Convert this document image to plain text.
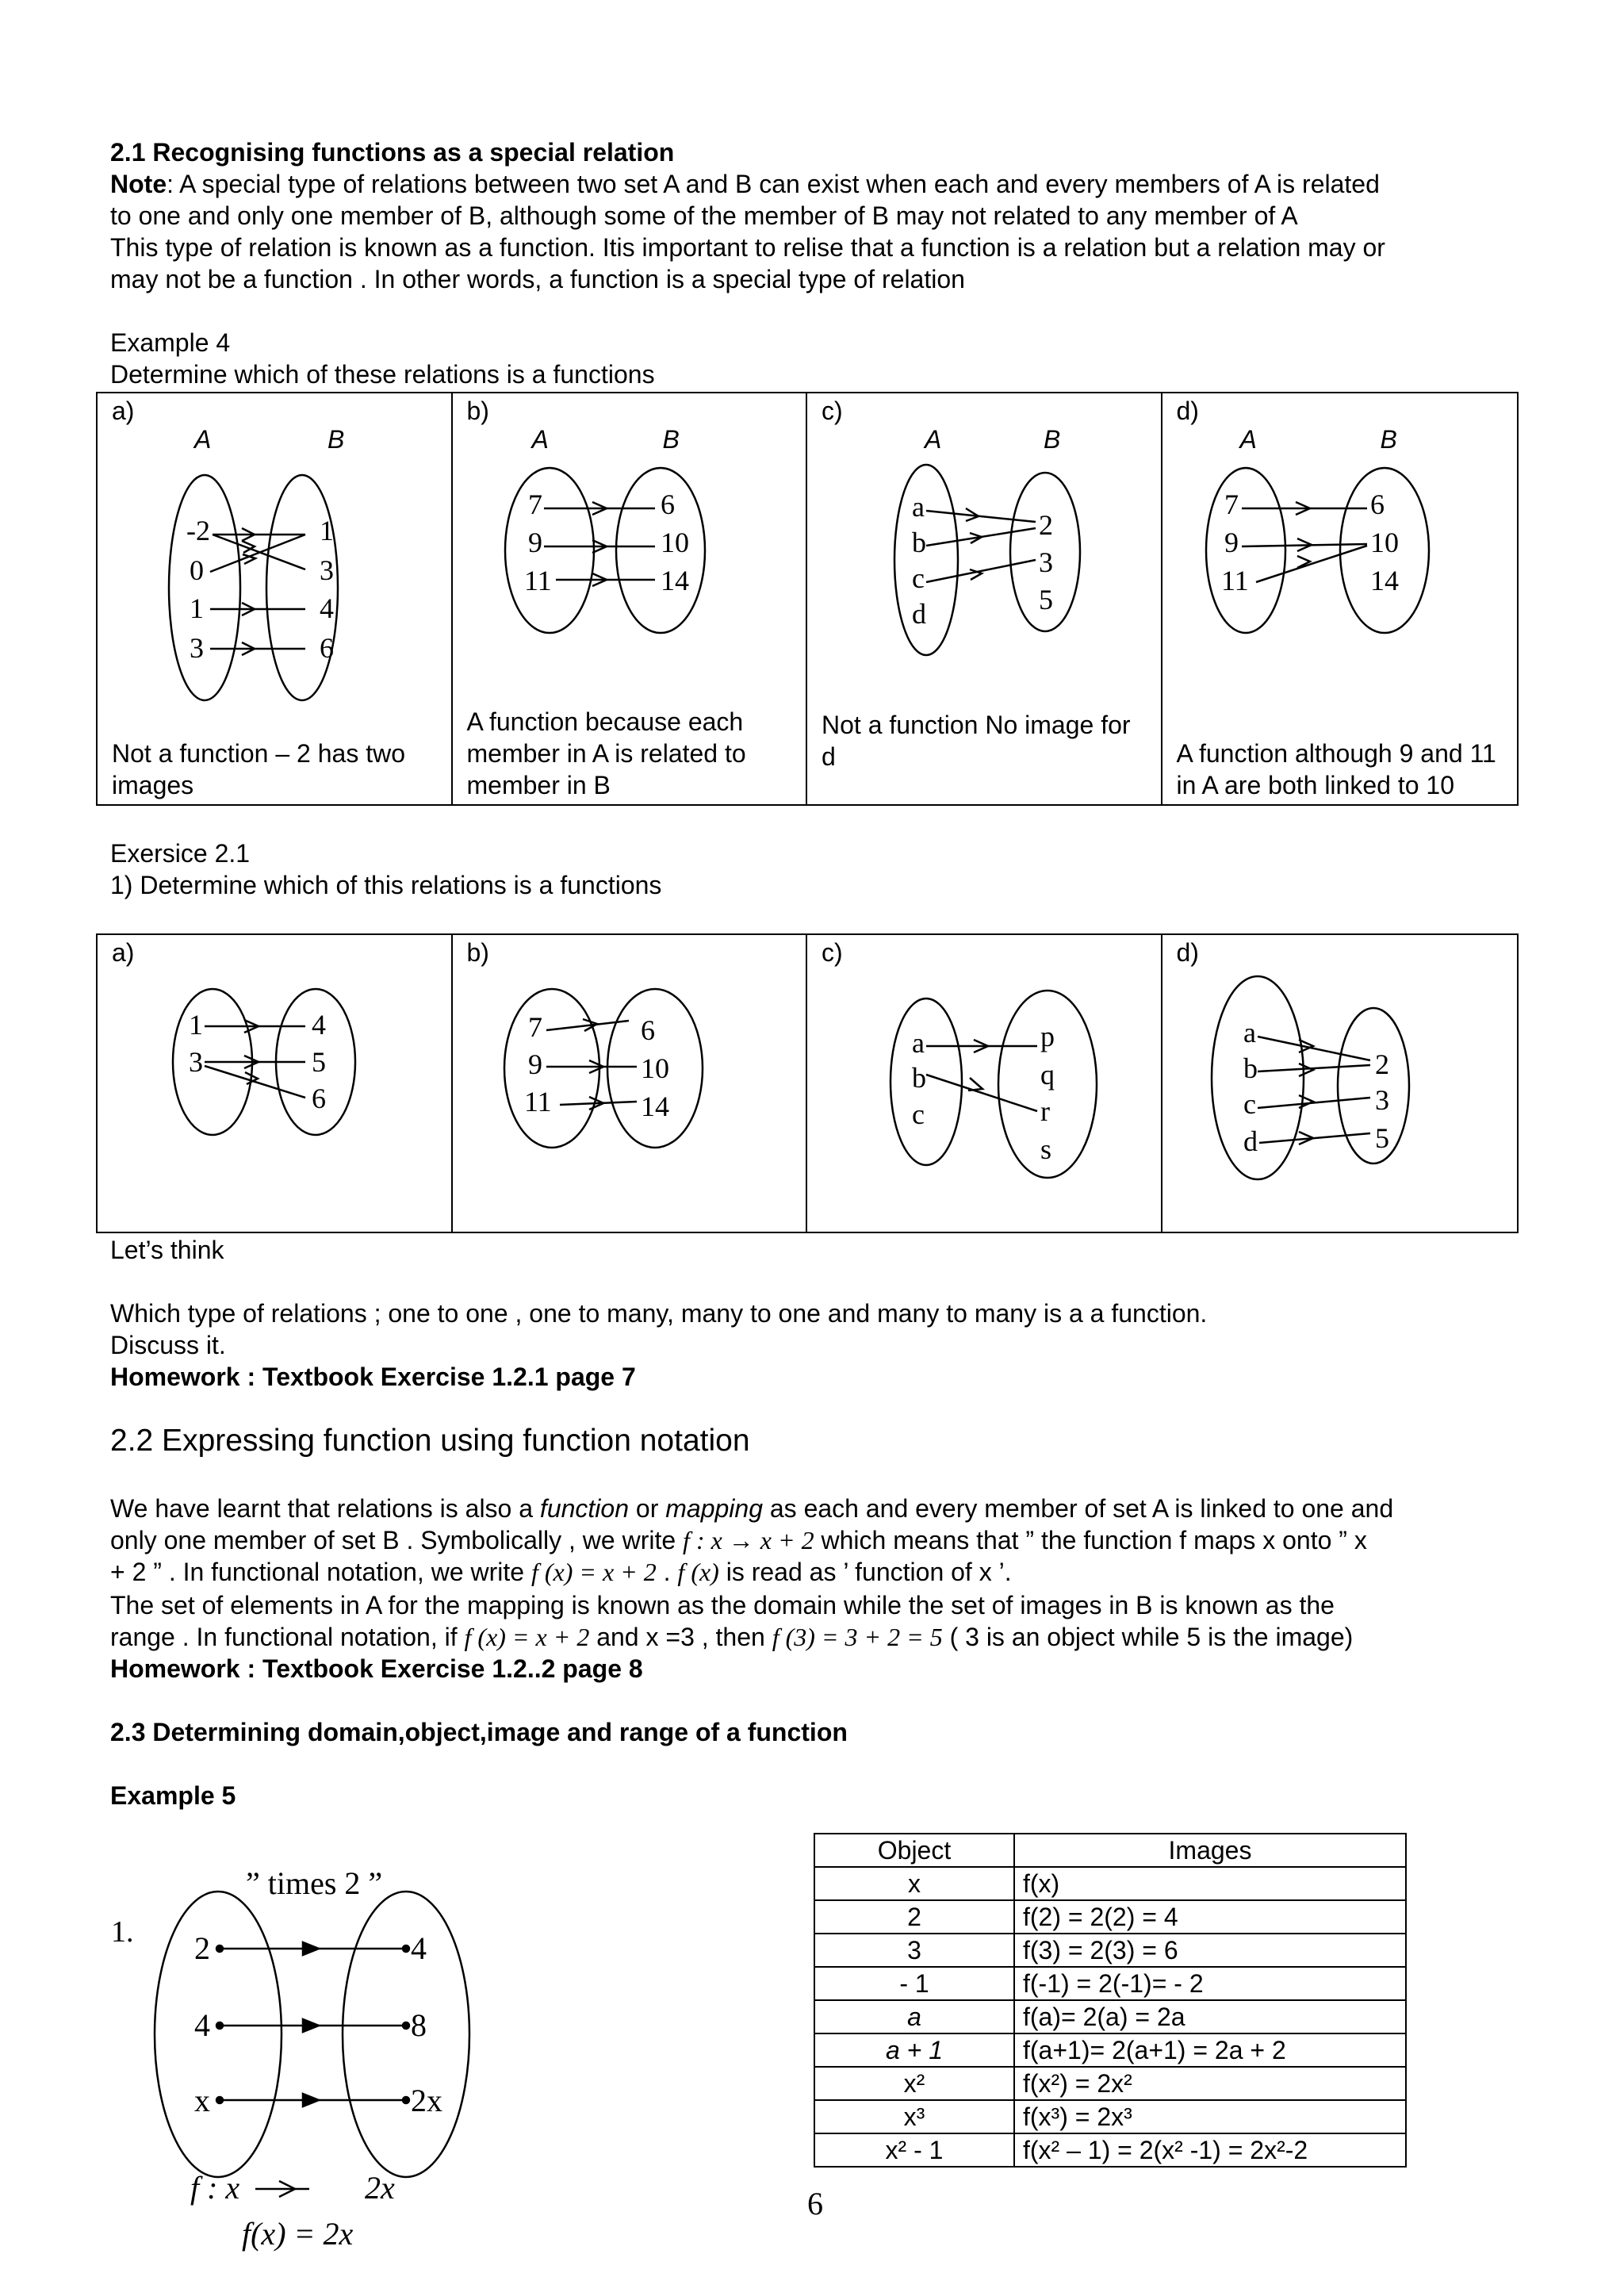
2.1 Recognising functions as a special relation
Note: A special type of relations between two set A and B can exist when each and every members of A is related
to one and only one member of B, although some of the member of B may not related to any member of A
This type of relation is known as a function. Itis important to relise that a function is a relation but a relation may or
may not be a function . In other words, a function is a special type of relation
Example 4
Determine which of these relations is a functions
a)
A	B
-2
0
1
3
1
3
4
6
Not a function – 2 has two images
b)
A	B
7
9
11
6
10
14
A function because each member in A is related to member in B
c)
A	B
a
b
c
d
2
3
5
Not a function No image for d
d)
A	B
7
9
11
6
10
14
A function although 9 and 11 in A are both linked to 10
Exersice 2.1
1) Determine which of this relations is a functions
a)
1
3
4
5
6
b)
7
9
11
6
10
14
c)
a
b
c
p
q
r
s
d)
a
b
c
d
2
3
5
Let’s think
Which type of relations ; one to one , one to many, many to one and many to many is a a function.
Discuss it.
Homework : Textbook Exercise 1.2.1 page 7
2.2 Expressing function using function notation
We have learnt that relations is also a function or mapping as each and every member of set A is linked to one and
only one member of set B . Symbolically , we write f : x → x + 2 which means that ” the function f maps x onto ” x
+ 2 ” . In functional notation, we write f (x) = x + 2 . f (x) is read as ’ function of x ’.
The set of elements in A for the mapping is known as the domain while the set of images in B is known as the
range . In functional notation, if f (x) = x + 2 and x =3 , then f (3) = 3 + 2 = 5 ( 3 is an object while 5 is the image)
Homework : Textbook Exercise 1.2..2 page 8
2.3 Determining domain,object,image and range of a function
Example 5
1.
” times 2 ”
2
4
x
4
8
2x
f : x	2x
f(x) = 2x
Object	Images
x	f(x)
2	f(2) = 2(2) = 4
3	f(3) = 2(3) = 6
- 1	f(-1) = 2(-1)= - 2
a	f(a)= 2(a) = 2a
a + 1	f(a+1)= 2(a+1) = 2a + 2
x²	f(x²) = 2x²
x³	f(x³) = 2x³
x² - 1	f(x² – 1) = 2(x² -1) = 2x²-2
6
